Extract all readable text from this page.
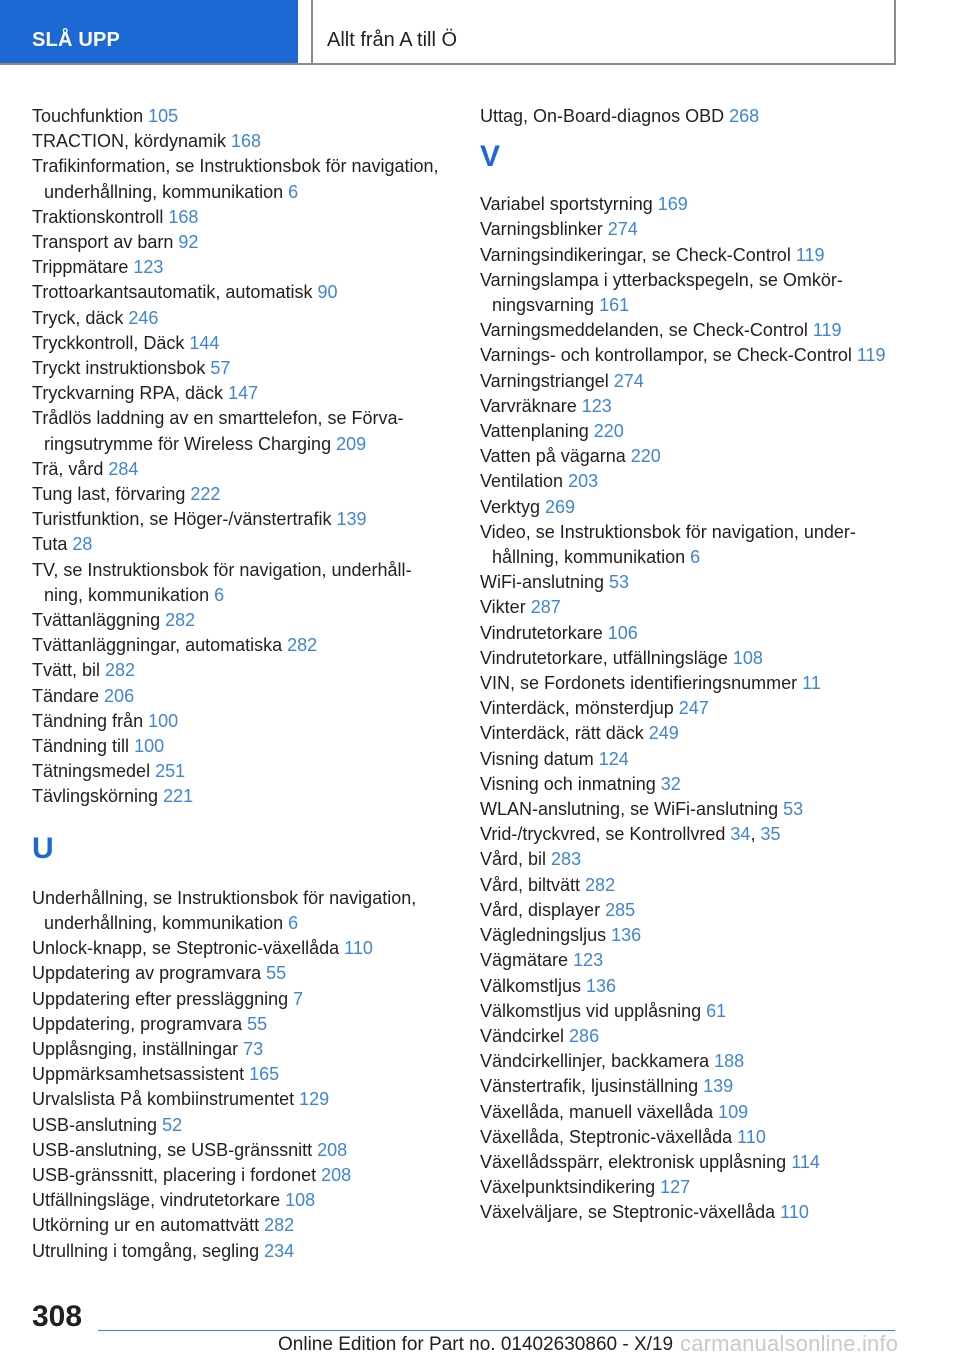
SLÅ UPP	Allt från A till Ö
Touchfunktion 105
TRACTION, kördynamik 168
Trafikinformation, se Instruktionsbok för navigation, underhållning, kommunikation 6
Traktionskontroll 168
Transport av barn 92
Trippmätare 123
Trottoarkantsautomatik, automatisk 90
Tryck, däck 246
Tryckkontroll, Däck 144
Tryckt instruktionsbok 57
Tryckvarning RPA, däck 147
Trådlös laddning av en smarttelefon, se Förvaringsutrymme för Wireless Charging 209
Trä, vård 284
Tung last, förvaring 222
Turistfunktion, se Höger-/vänstertrafik 139
Tuta 28
TV, se Instruktionsbok för navigation, underhållning, kommunikation 6
Tvättanläggning 282
Tvättanläggningar, automatiska 282
Tvätt, bil 282
Tändare 206
Tändning från 100
Tändning till 100
Tätningsmedel 251
Tävlingskörning 221
U
Underhållning, se Instruktionsbok för navigation, underhållning, kommunikation 6
Unlock-knapp, se Steptronic-växellåda 110
Uppdatering av programvara 55
Uppdatering efter pressläggning 7
Uppdatering, programvara 55
Upplåsnging, inställningar 73
Uppmärksamhetsassistent 165
Urvalslista På kombiinstrumentet 129
USB-anslutning 52
USB-anslutning, se USB-gränssnitt 208
USB-gränssnitt, placering i fordonet 208
Utfällningsläge, vindrutetorkare 108
Utkörning ur en automattvätt 282
Utrullning i tomgång, segling 234
Uttag, On-Board-diagnos OBD 268
V
Variabel sportstyrning 169
Varningsblinker 274
Varningsindikeringar, se Check-Control 119
Varningslampa i ytterbackspegeln, se Omkörningsvarning 161
Varningsmeddelanden, se Check-Control 119
Varnings- och kontrollampor, se Check-Control 119
Varningstriangel 274
Varvräknare 123
Vattenplaning 220
Vatten på vägarna 220
Ventilation 203
Verktyg 269
Video, se Instruktionsbok för navigation, underhållning, kommunikation 6
WiFi-anslutning 53
Vikter 287
Vindrutetorkare 106
Vindrutetorkare, utfällningsläge 108
VIN, se Fordonets identifieringsnummer 11
Vinterdäck, mönsterdjup 247
Vinterdäck, rätt däck 249
Visning datum 124
Visning och inmatning 32
WLAN-anslutning, se WiFi-anslutning 53
Vrid-/tryckvred, se Kontrollvred 34, 35
Vård, bil 283
Vård, biltvätt 282
Vård, displayer 285
Vägledningsljus 136
Vägmätare 123
Välkomstljus 136
Välkomstljus vid upplåsning 61
Vändcirkel 286
Vändcirkellinjer, backkamera 188
Vänstertrafik, ljusinställning 139
Växellåda, manuell växellåda 109
Växellåda, Steptronic-växellåda 110
Växellådsspärr, elektronisk upplåsning 114
Växelpunktsindikering 127
Växelväljare, se Steptronic-växellåda 110
308
Online Edition for Part no. 01402630860 - X/19 carmanualsonline.info
